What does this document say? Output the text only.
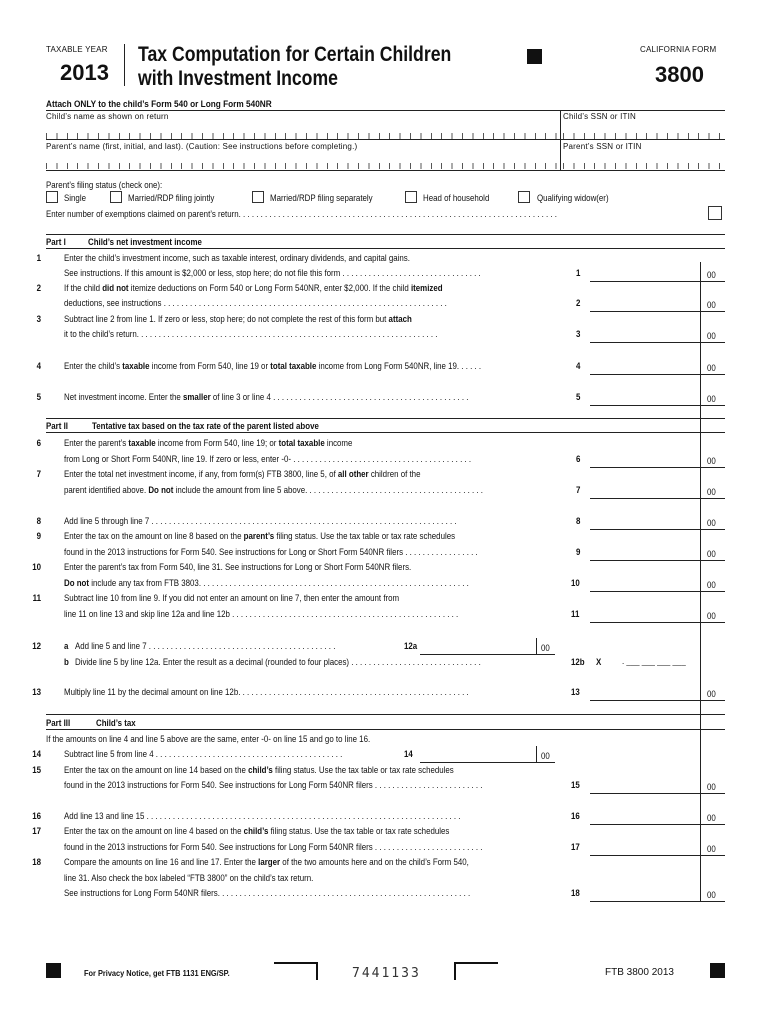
TAXABLE YEAR
2013
Tax Computation for Certain Children
with Investment Income
CALIFORNIA FORM
3800
Attach ONLY to the child’s Form 540 or Long Form 540NR
Child’s name as shown on return	Child’s SSN or ITIN
Parent’s name (first, initial, and last). (Caution: See instructions before completing.)	Parent’s SSN or ITIN
Parent’s filing status (check one):
Single	Married/RDP filing jointly	Married/RDP filing separately	Head of household	Qualifying widow(er)
Enter number of exemptions claimed on parent’s return. . . . . . . . . . . . . . . . . . . . . . . . . . . . . . . . . . . . . . . . . . . . . . . . . . . . . . . . . . . . . . . . . . . . . . . . .
Part I Child’s net investment income
1	Enter the child’s investment income, such as taxable interest, ordinary dividends, and capital gains.
See instructions. If this amount is $2,000 or less, stop here; do not file this form . . . . . . . . . . . . . . . . . . . . . . . . . . . . . . . .	1	00
2	If the child did not itemize deductions on Form 540 or Long Form 540NR, enter $2,000. If the child itemized
deductions, see instructions . . . . . . . . . . . . . . . . . . . . . . . . . . . . . . . . . . . . . . . . . . . . . . . . . . . . . . . . . . . . . . . . .	2	00
3	Subtract line 2 from line 1. If zero or less, stop here; do not complete the rest of this form but attach
it to the child’s return. . . . . . . . . . . . . . . . . . . . . . . . . . . . . . . . . . . . . . . . . . . . . . . . . . . . . . . . . . . . . . . . . . . . .	3	00
4	Enter the child’s taxable income from Form 540, line 19 or total taxable income from Long Form 540NR, line 19. . . . . .	4	00
5	Net investment income. Enter the smaller of line 3 or line 4 . . . . . . . . . . . . . . . . . . . . . . . . . . . . . . . . . . . . . . . . . . . . .	5	00
Part II	Tentative tax based on the tax rate of the parent listed above
6	Enter the parent’s taxable income from Form 540, line 19; or total taxable income
from Long or Short Form 540NR, line 19. If zero or less, enter -0- . . . . . . . . . . . . . . . . . . . . . . . . . . . . . . . . . . . . . . . . .	6	00
7	Enter the total net investment income, if any, from form(s) FTB 3800, line 5, of all other children of the
parent identified above. Do not include the amount from line 5 above. . . . . . . . . . . . . . . . . . . . . . . . . . . . . . . . . . . . . . . . .	7	00
8	Add line 5 through line 7 . . . . . . . . . . . . . . . . . . . . . . . . . . . . . . . . . . . . . . . . . . . . . . . . . . . . . . . . . . . . . . . . . . . . . .	8	00
9	Enter the tax on the amount on line 8 based on the parent’s filing status. Use the tax table or tax rate schedules
found in the 2013 instructions for Form 540. See instructions for Long or Short Form 540NR filers . . . . . . . . . . . . . . . . .	9	00
10	Enter the parent’s tax from Form 540, line 31. See instructions for Long or Short Form 540NR filers.
Do not include any tax from FTB 3803. . . . . . . . . . . . . . . . . . . . . . . . . . . . . . . . . . . . . . . . . . . . . . . . . . . . . . . . . . . . . .	10	00
11	Subtract line 10 from line 9. If you did not enter an amount on line 7, then enter the amount from
line 11 on line 13 and skip line 12a and line 12b . . . . . . . . . . . . . . . . . . . . . . . . . . . . . . . . . . . . . . . . . . . . . . . . . . . .	11	00
12	a Add line 5 and line 7 . . . . . . . . . . . . . . . . . . . . . . . . . . . . . . . . . . . . . . . . . . .	12a	00
b Divide line 5 by line 12a. Enter the result as a decimal (rounded to four places) . . . . . . . . . . . . . . . . . . . . . . . . . . . . . .	12b X . ___ ___ ___ ___
13	Multiply line 11 by the decimal amount on line 12b. . . . . . . . . . . . . . . . . . . . . . . . . . . . . . . . . . . . . . . . . . . . . . . . . . . . .	13	00
Part III	Child’s tax
If the amounts on line 4 and line 5 above are the same, enter -0- on line 15 and go to line 16.
14	Subtract line 5 from line 4 . . . . . . . . . . . . . . . . . . . . . . . . . . . . . . . . . . . . . . . . . . .	14	00
15	Enter the tax on the amount on line 14 based on the child’s filing status. Use the tax table or tax rate schedules
found in the 2013 instructions for Form 540. See instructions for Long Form 540NR filers . . . . . . . . . . . . . . . . . . . . . . . . .	15	00
16	Add line 13 and line 15 . . . . . . . . . . . . . . . . . . . . . . . . . . . . . . . . . . . . . . . . . . . . . . . . . . . . . . . . . . . . . . . . . . . . . . . .	16	00
17	Enter the tax on the amount on line 4 based on the child’s filing status. Use the tax table or tax rate schedules
found in the 2013 instructions for Form 540. See instructions for Long Form 540NR filers . . . . . . . . . . . . . . . . . . . . . . . . .	17	00
18	Compare the amounts on line 16 and line 17. Enter the larger of the two amounts here and on the child’s Form 540,
line 31. Also check the box labeled “FTB 3800” on the child’s tax return.
See instructions for Long Form 540NR filers. . . . . . . . . . . . . . . . . . . . . . . . . . . . . . . . . . . . . . . . . . . . . . . . . . . . . . . . . .	18	00
For Privacy Notice, get FTB 1131 ENG/SP.	7441133	FTB 3800 2013
